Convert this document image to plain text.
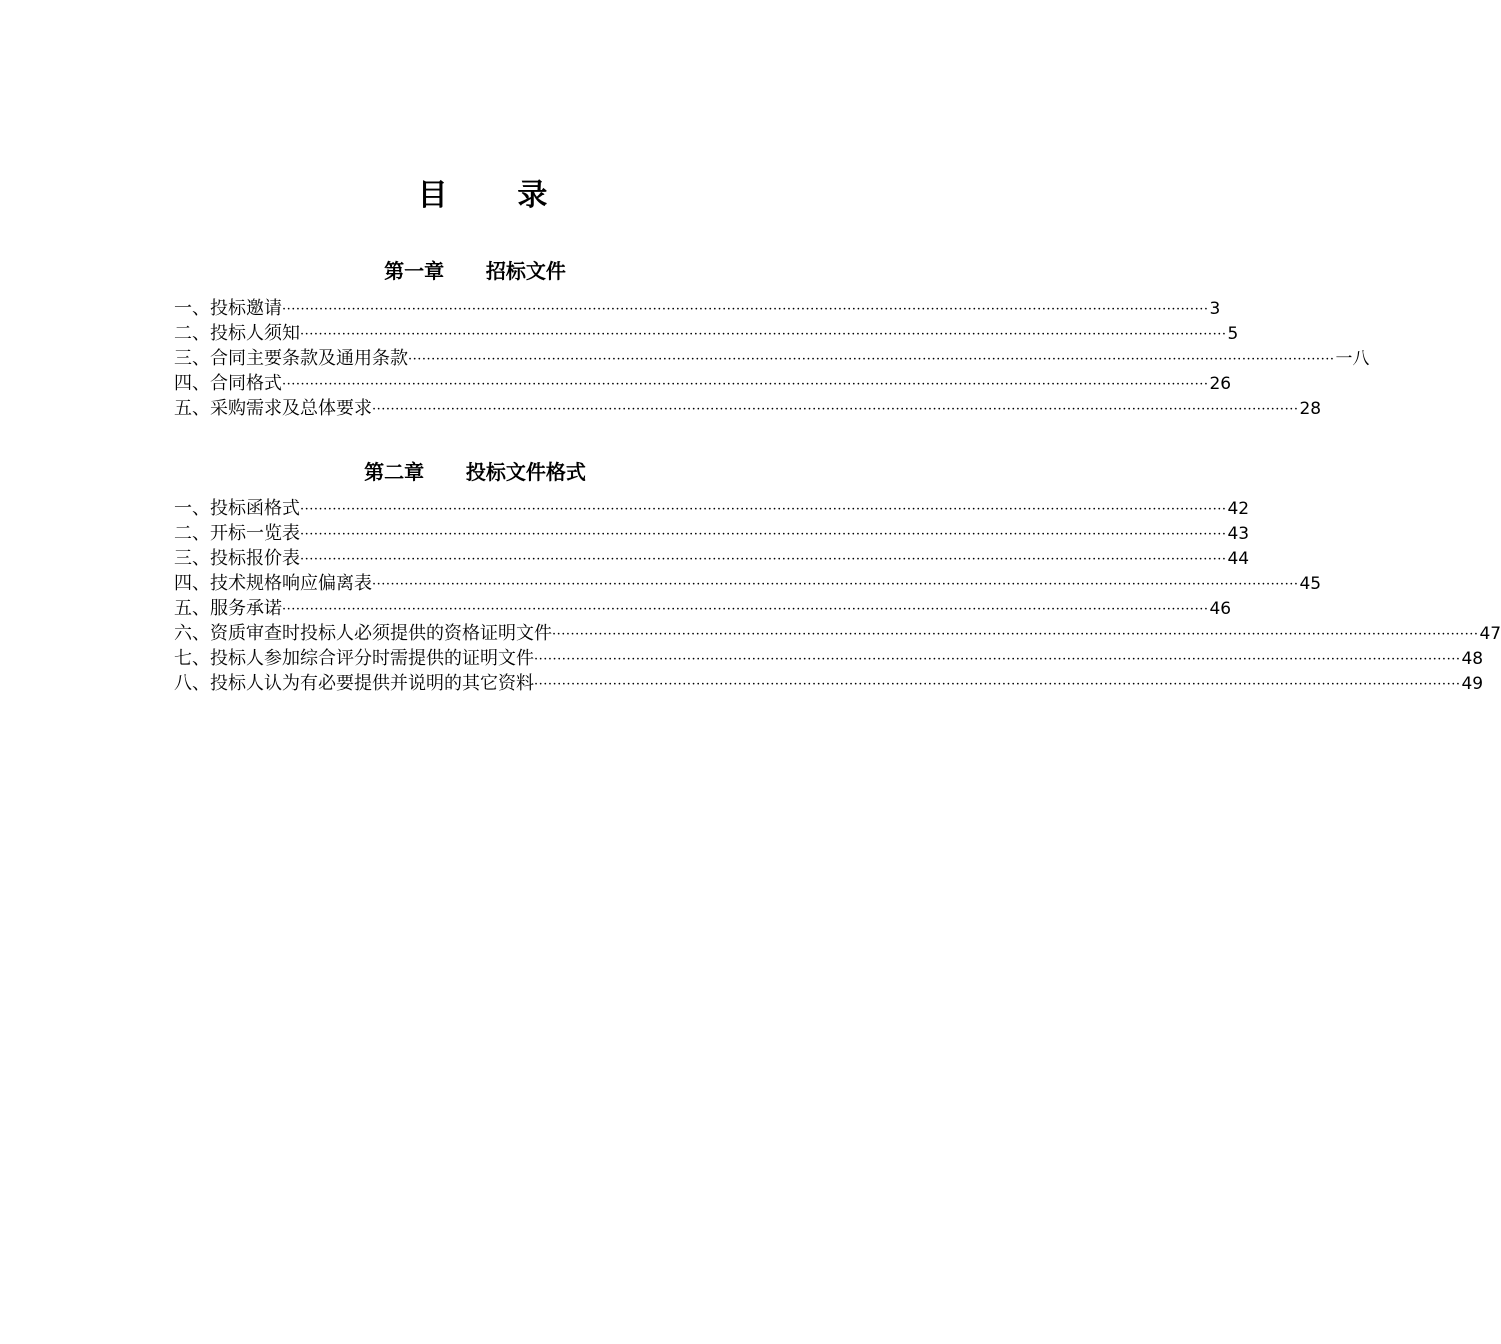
目      录
第一章      招标文件
一、投标邀请 ········································································································································································································ 3
二、投标人须知 ········································································································································································································ 5
三、合同主要条款及通用条款 ········································································································································································································ 一八
四、合同格式 ········································································································································································································ 26
五、采购需求及总体要求 ········································································································································································································ 28
第二章      投标文件格式
一、投标函格式 ········································································································································································································ 42
二、开标一览表 ········································································································································································································ 43
三、投标报价表 ········································································································································································································ 44
四、技术规格响应偏离表 ········································································································································································································ 45
五、服务承诺 ········································································································································································································ 46
六、资质审查时投标人必须提供的资格证明文件 ········································································································································································································ 47
七、投标人参加综合评分时需提供的证明文件 ········································································································································································································ 48
八、投标人认为有必要提供并说明的其它资料 ········································································································································································································ 49
